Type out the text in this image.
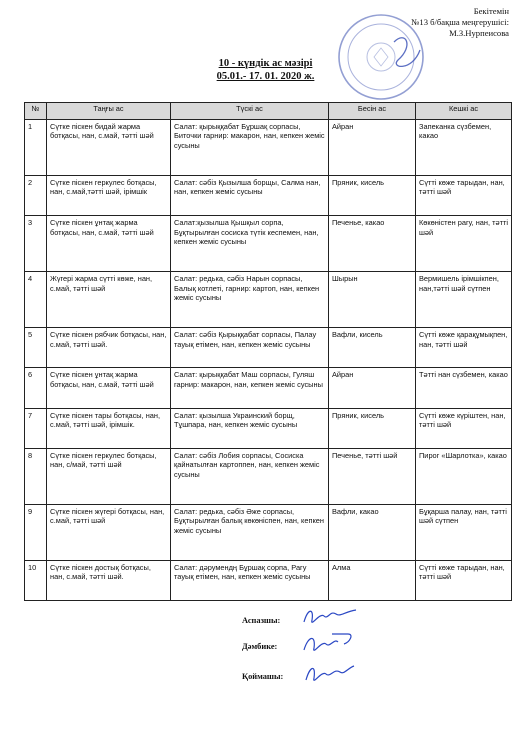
Бекітемін
№13 б/бақша меңгерушісі:
М.З.Нурпеисова
10 - күндік ас мәзірі
05.01.- 17. 01. 2020 ж.
№	Таңғы ас	Түскі ас	Бесін ас	Кешкі ас
1	Сүтке піскен бидай жарма ботқасы, нан, с.май, тәтті шәй	Салат: қырыққабат Бұршақ сорпасы, Биточки гарнир: макарон, нан, кепкен жеміс сусыны	Айран	Запеканка сүзбемен, какао
2	Сүтке піскен геркулес ботқасы, нан, с.май,тәтті шәй, ірімшік	Салат: сәбіз Қызылша борщы, Салма нан, нан, кепкен жеміс сусыны	Пряник, кисель	Сүтті көже тарыдан, нан, тәтті шәй
3	Сүтке піскен ұнтақ жарма ботқасы, нан, с.май, тәтті шәй	Салат:қызылша Қышқыл сорпа, Бұқтырылған сосиска түтік кеспемен, нан, кепкен жеміс сусыны	Печенье, какао	Көкөністен рагу, нан, тәтті шәй
4	Жүгері жарма сүтті көже, нан, с.май, тәтті шәй	Салат: редька, сәбіз Нарын сорпасы, Балық котлеті, гарнир: картоп, нан, кепкен жеміс сусыны	Шырын	Вермишель ірімшікпен, нан,тәтті шәй сүтпен
5	Сүтке піскен рябчик ботқасы, нан, с.май, тәтті шәй.	Салат: сәбіз Қырыққабат сорпасы, Палау тауық етімен, нан, кепкен жеміс сусыны	Вафли, кисель	Сүтті көже қарақұмықпен, нан, тәтті шәй
6	Сүтке піскен ұнтақ жарма ботқасы, нан, с.май, тәтті шәй	Салат: қырыққабат Маш сорпасы, Гуляш гарнир: макарон, нан, кепкен жеміс сусыны	Айран	Тәтті нан сүзбемен, какао
7	Сүтке піскен тары ботқасы, нан, с.май, тәтті шәй, ірімшік.	Салат: қызылша Украинский борщ, Тұшпара, нан, кепкен жеміс сусыны	Пряник, кисель	Сүтті көже күріштен, нан, тәтті шәй
8	Сүтке піскен геркулес ботқасы, нан, с/май, тәтті шәй	Салат: сәбіз Лобия сорпасы, Сосиска қайнатылған картоппен, нан, кепкен жеміс сусыны	Печенье, тәтті шәй	Пирог «Шарлотка», какао
9	Сүтке піскен жүгері ботқасы, нан, с.май, тәтті шәй	Салат: редька, сәбіз Әже сорпасы, Бұқтырылған балық көкөніспен, нан, кепкен жеміс сусыны	Вафли, какао	Бұқарша палау, нан, тәтті шәй сүтпен
10	Сүтке піскен достық ботқасы, нан, с.май, тәтті шәй.	Салат: дәрумендң Бұршақ сорпа, Рагу тауық етімен, нан, кепкен жеміс сусыны	Алма	Сүтті көже тарыдан, нан, тәтті шәй
Аспазшы:
Дәмбике:
Қоймашы:
